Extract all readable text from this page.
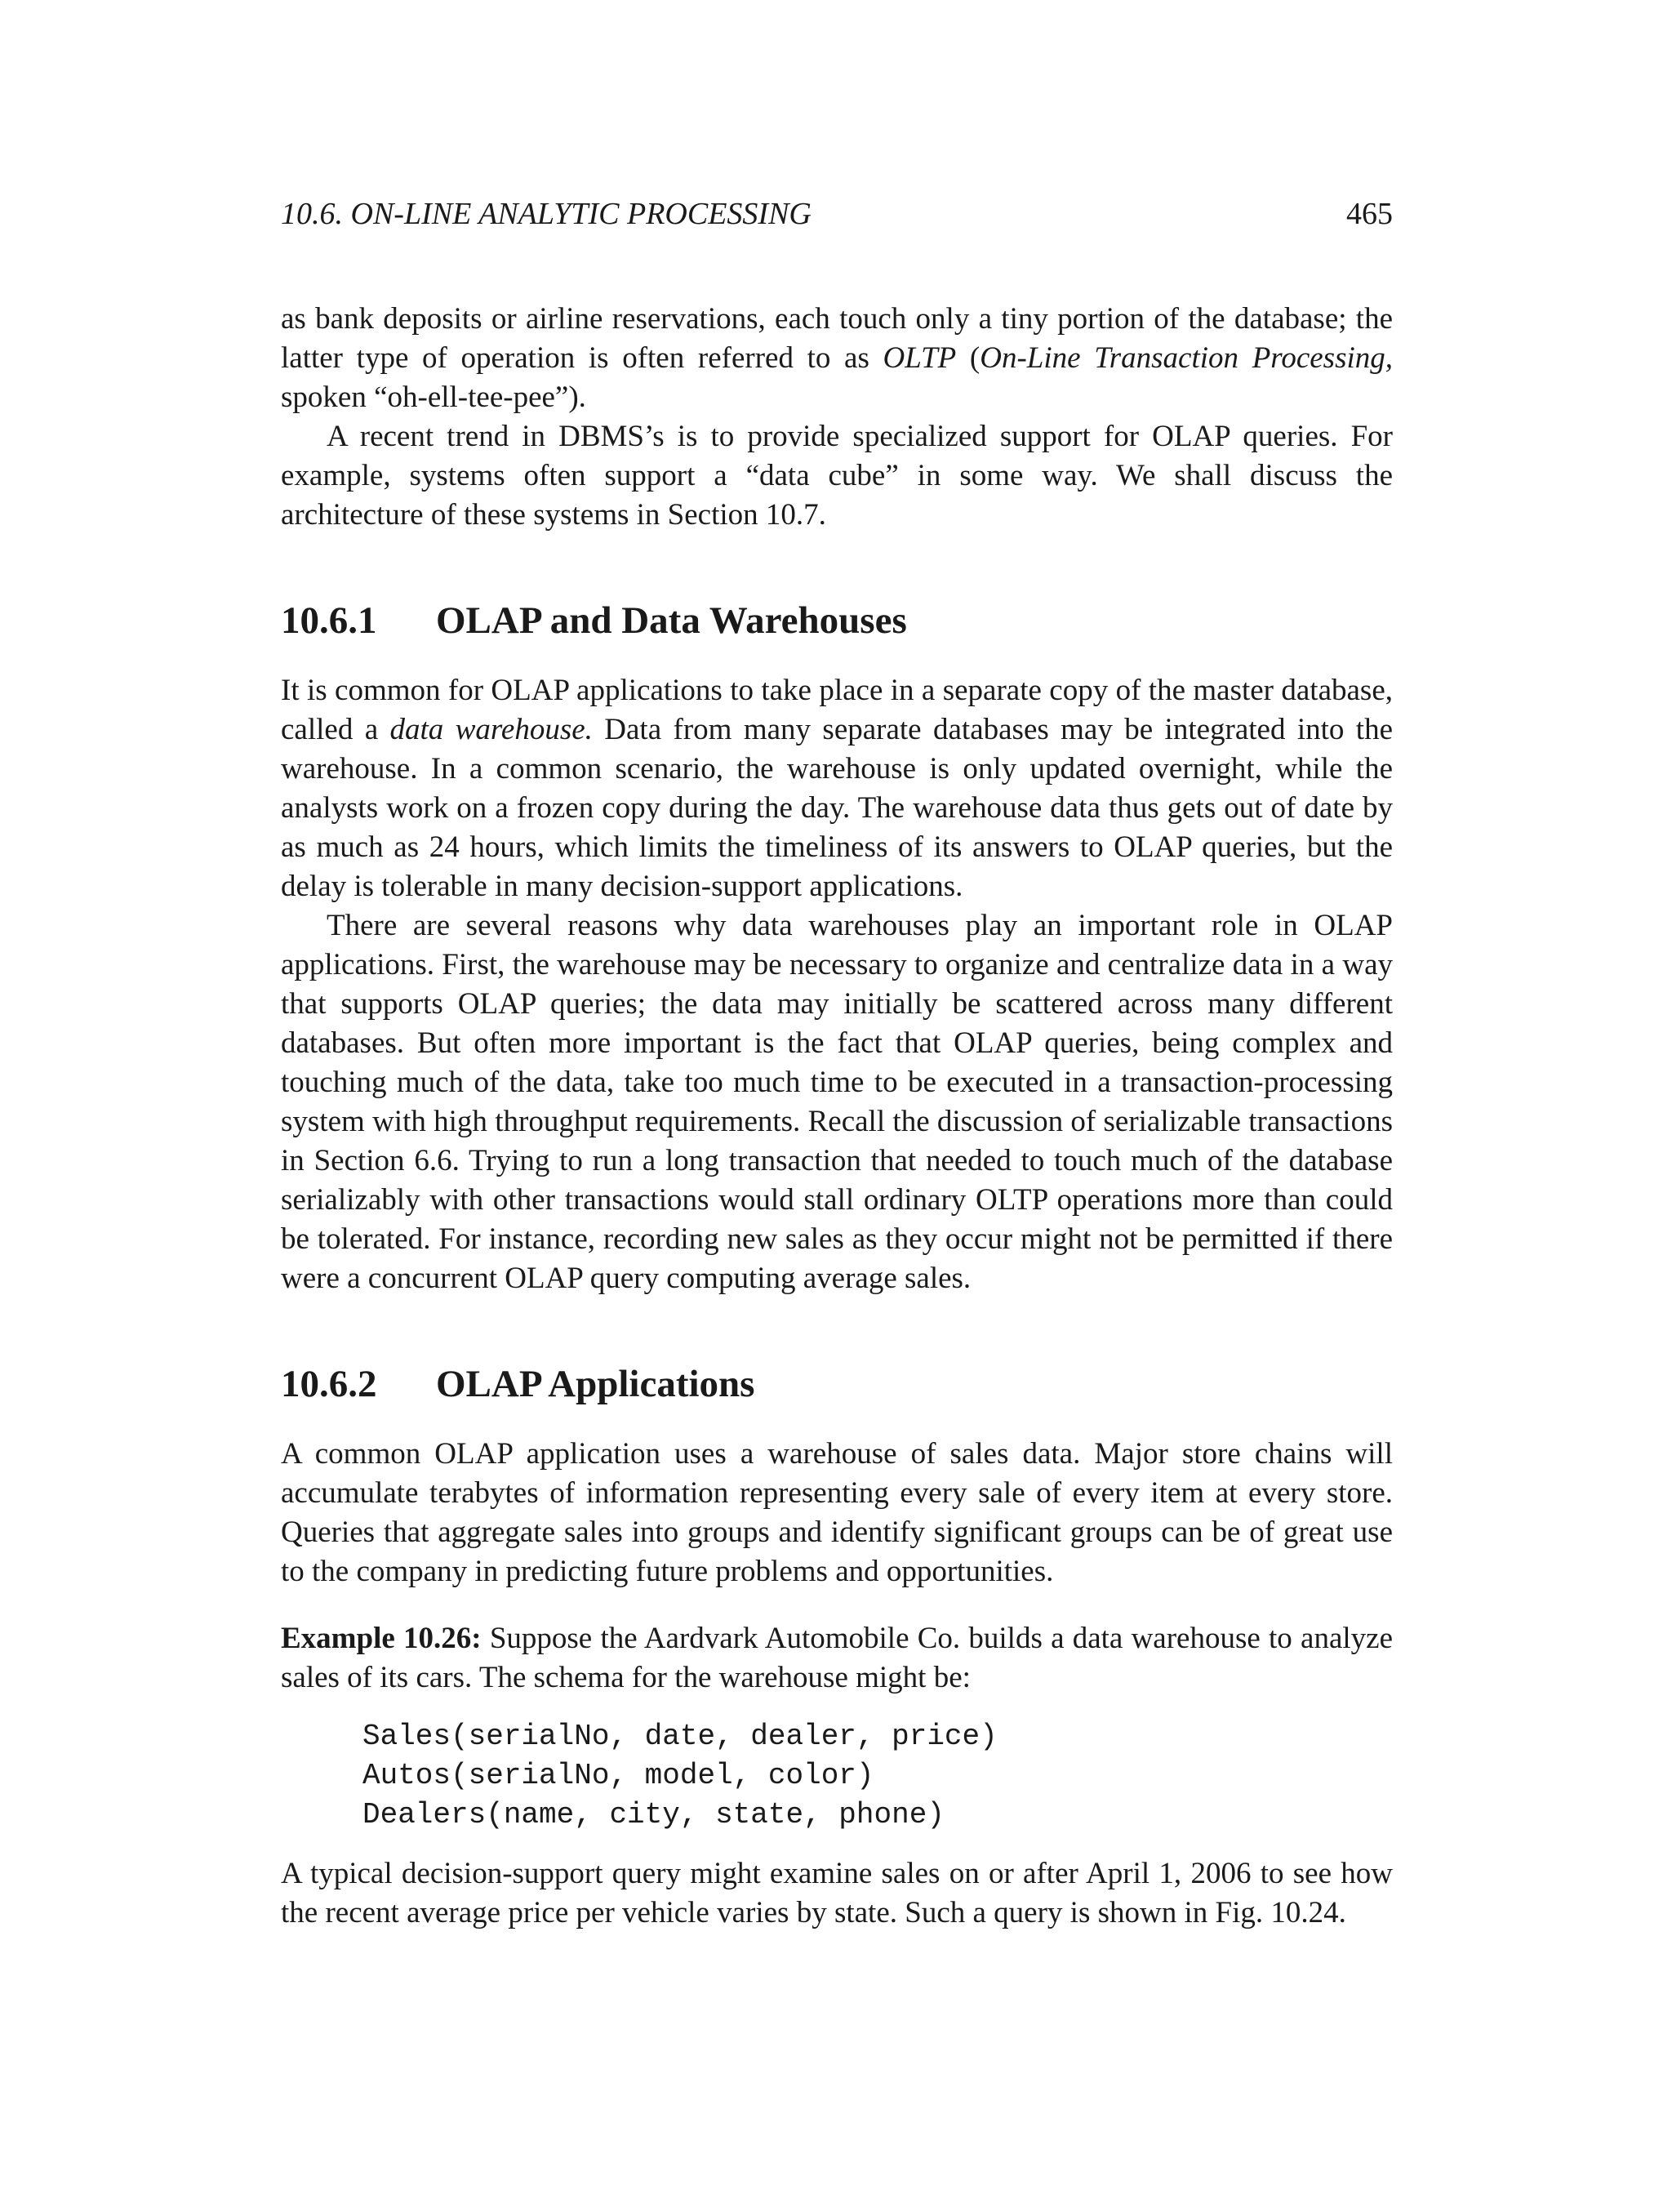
10.6. ON-LINE ANALYTIC PROCESSING	465

as bank deposits or airline reservations, each touch only a tiny portion of the database; the latter type of operation is often referred to as OLTP (On-Line Transaction Processing, spoken “oh-ell-tee-pee”).

A recent trend in DBMS’s is to provide specialized support for OLAP queries. For example, systems often support a “data cube” in some way. We shall discuss the architecture of these systems in Section 10.7.

10.6.1 OLAP and Data Warehouses

It is common for OLAP applications to take place in a separate copy of the master database, called a data warehouse. Data from many separate databases may be integrated into the warehouse. In a common scenario, the warehouse is only updated overnight, while the analysts work on a frozen copy during the day. The warehouse data thus gets out of date by as much as 24 hours, which limits the timeliness of its answers to OLAP queries, but the delay is tolerable in many decision-support applications.

There are several reasons why data warehouses play an important role in OLAP applications. First, the warehouse may be necessary to organize and centralize data in a way that supports OLAP queries; the data may initially be scattered across many different databases. But often more important is the fact that OLAP queries, being complex and touching much of the data, take too much time to be executed in a transaction-processing system with high throughput requirements. Recall the discussion of serializable transactions in Section 6.6. Trying to run a long transaction that needed to touch much of the database serializably with other transactions would stall ordinary OLTP operations more than could be tolerated. For instance, recording new sales as they occur might not be permitted if there were a concurrent OLAP query computing average sales.

10.6.2 OLAP Applications

A common OLAP application uses a warehouse of sales data. Major store chains will accumulate terabytes of information representing every sale of every item at every store. Queries that aggregate sales into groups and identify significant groups can be of great use to the company in predicting future problems and opportunities.

Example 10.26: Suppose the Aardvark Automobile Co. builds a data warehouse to analyze sales of its cars. The schema for the warehouse might be:

Sales(serialNo, date, dealer, price)
Autos(serialNo, model, color)
Dealers(name, city, state, phone)

A typical decision-support query might examine sales on or after April 1, 2006 to see how the recent average price per vehicle varies by state. Such a query is shown in Fig. 10.24.
